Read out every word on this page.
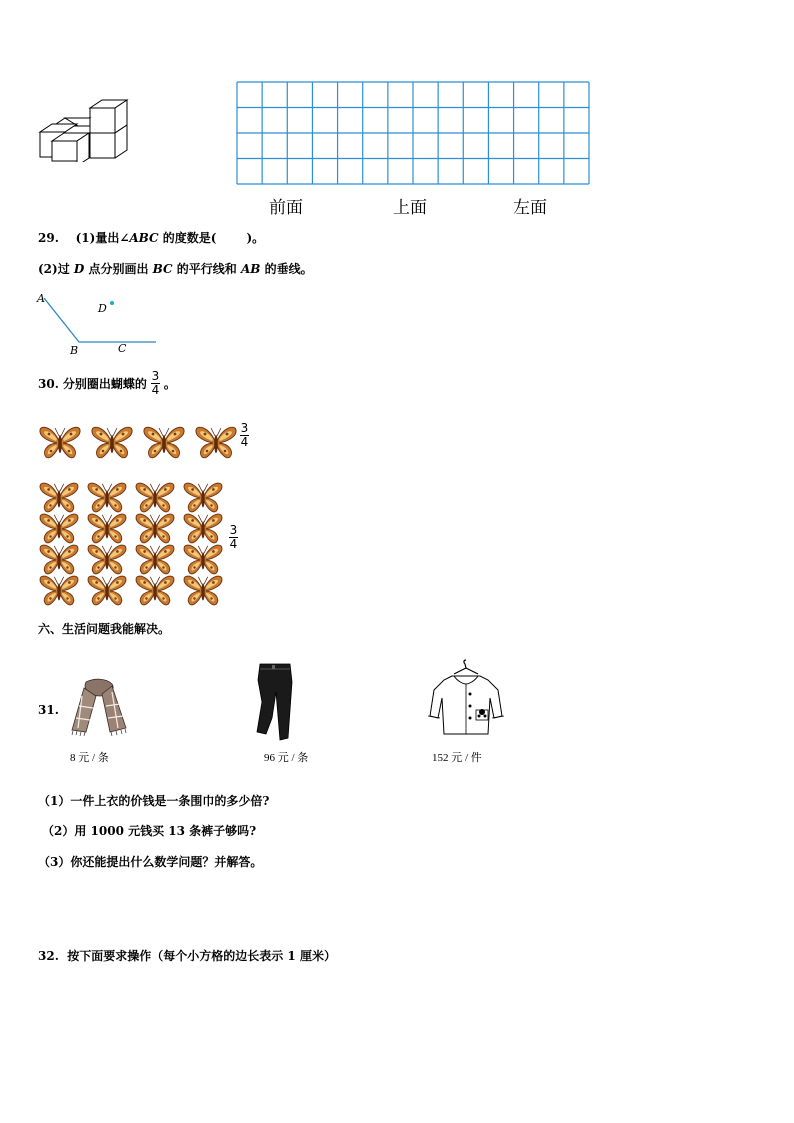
前面	上面	左面
29. (1)量出∠ABC 的度数是(	)。
(2)过 D 点分别画出 BC 的平行线和 AB 的垂线。
A
B	C
D
30. 分别圈出蝴蝶的 $\frac{3}{4}$ 。
$\frac{3}{4}$
$\frac{3}{4}$
六、生活问题我能解决。
31.
8 元 / 条	96 元 / 条	152 元 / 件
（1）一件上衣的价钱是一条围巾的多少倍?
（2）用 1000 元钱买 13 条裤子够吗?
（3）你还能提出什么数学问题？并解答。
32. 按下面要求操作（每个小方格的边长表示 1 厘米）
